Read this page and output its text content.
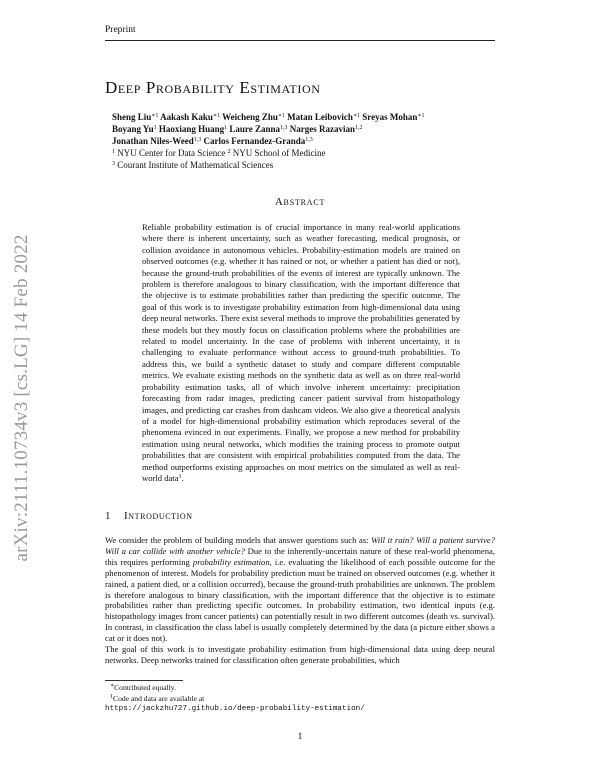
Preprint
arXiv:2111.10734v3 [cs.LG] 14 Feb 2022
Deep Probability Estimation
Sheng Liu$^{∗1}$ Aakash Kaku$^{∗1}$ Weicheng Zhu$^{∗1}$ Matan Leibovich$^{∗1}$ Sreyas Mohan$^{∗1}$
Boyang Yu$^1$ Haoxiang Huang$^1$ Laure Zanna$^{1,3}$ Narges Razavian$^{1,2}$
Jonathan Niles-Weed$^{1,3}$ Carlos Fernandez-Granda$^{1,3}$
$^1$ NYU Center for Data Science $^2$ NYU School of Medicine
$^3$ Courant Institute of Mathematical Sciences
Abstract
Reliable probability estimation is of crucial importance in many real-world applications where there is inherent uncertainty, such as weather forecasting, medical prognosis, or collision avoidance in autonomous vehicles. Probability-estimation models are trained on observed outcomes (e.g. whether it has rained or not, or whether a patient has died or not), because the ground-truth probabilities of the events of interest are typically unknown. The problem is therefore analogous to binary classification, with the important difference that the objective is to estimate probabilities rather than predicting the specific outcome. The goal of this work is to investigate probability estimation from high-dimensional data using deep neural networks. There exist several methods to improve the probabilities generated by these models but they mostly focus on classification problems where the probabilities are related to model uncertainty. In the case of problems with inherent uncertainty, it is challenging to evaluate performance without access to ground-truth probabilities. To address this, we build a synthetic dataset to study and compare different computable metrics. We evaluate existing methods on the synthetic data as well as on three real-world probability estimation tasks, all of which involve inherent uncertainty: precipitation forecasting from radar images, predicting cancer patient survival from histopathology images, and predicting car crashes from dashcam videos. We also give a theoretical analysis of a model for high-dimensional probability estimation which reproduces several of the phenomena evinced in our experiments. Finally, we propose a new method for probability estimation using neural networks, which modifies the training process to promote output probabilities that are consistent with empirical probabilities computed from the data. The method outperforms existing approaches on most metrics on the simulated as well as real-world data$^1$.
1 Introduction
We consider the problem of building models that answer questions such as: Will it rain? Will a patient survive? Will a car collide with another vehicle? Due to the inherently-uncertain nature of these real-world phenomena, this requires performing probability estimation, i.e. evaluating the likelihood of each possible outcome for the phenomenon of interest. Models for probability prediction must be trained on observed outcomes (e.g. whether it rained, a patient died, or a collision occurred), because the ground-truth probabilities are unknown. The problem is therefore analogous to binary classification, with the important difference that the objective is to estimate probabilities rather than predicting specific outcomes. In probability estimation, two identical inputs (e.g. histopathology images from cancer patients) can potentially result in two different outcomes (death vs. survival). In contrast, in classification the class label is usually completely determined by the data (a picture either shows a cat or it does not).
The goal of this work is to investigate probability estimation from high-dimensional data using deep neural networks. Deep networks trained for classification often generate probabilities, which
∗Contributed equally.
$^1$Code and data are available at
https://jackzhu727.github.io/deep-probability-estimation/
1
